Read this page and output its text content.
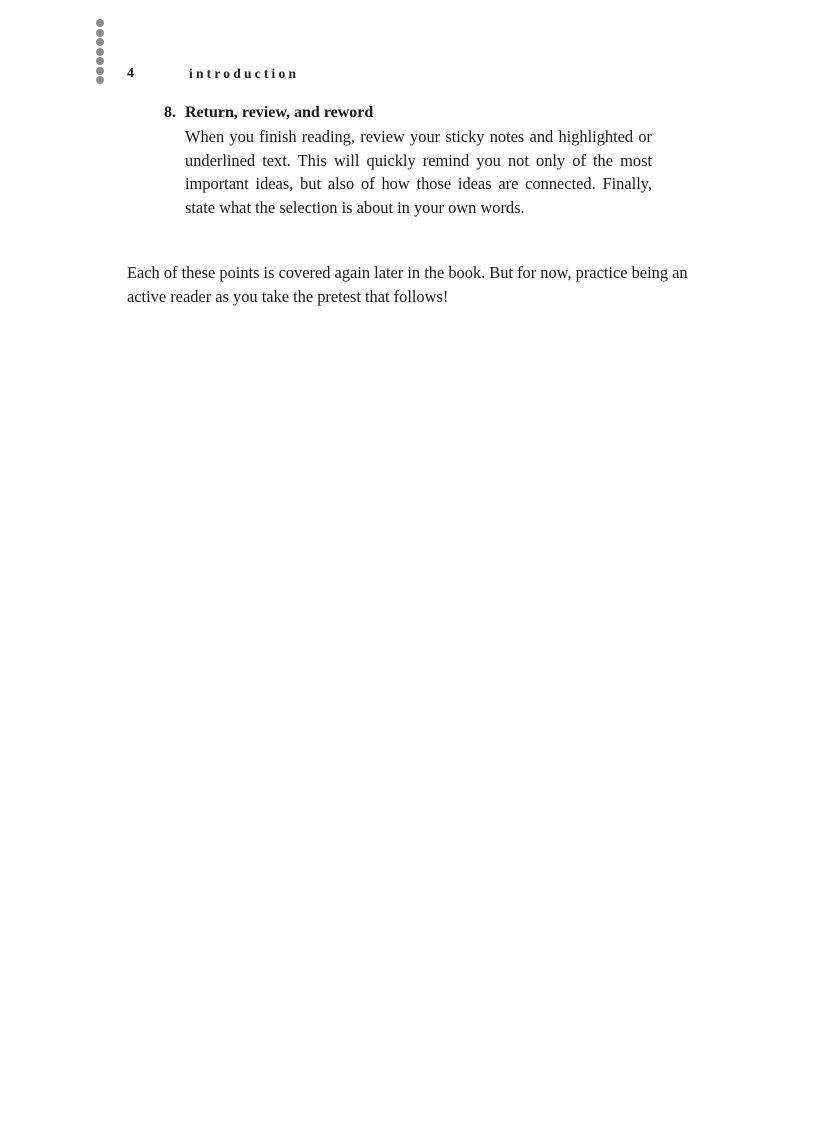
4	introduction
8. Return, review, and reword
When you finish reading, review your sticky notes and highlighted or underlined text. This will quickly remind you not only of the most important ideas, but also of how those ideas are connected. Finally, state what the selection is about in your own words.
Each of these points is covered again later in the book. But for now, practice being an active reader as you take the pretest that follows!
